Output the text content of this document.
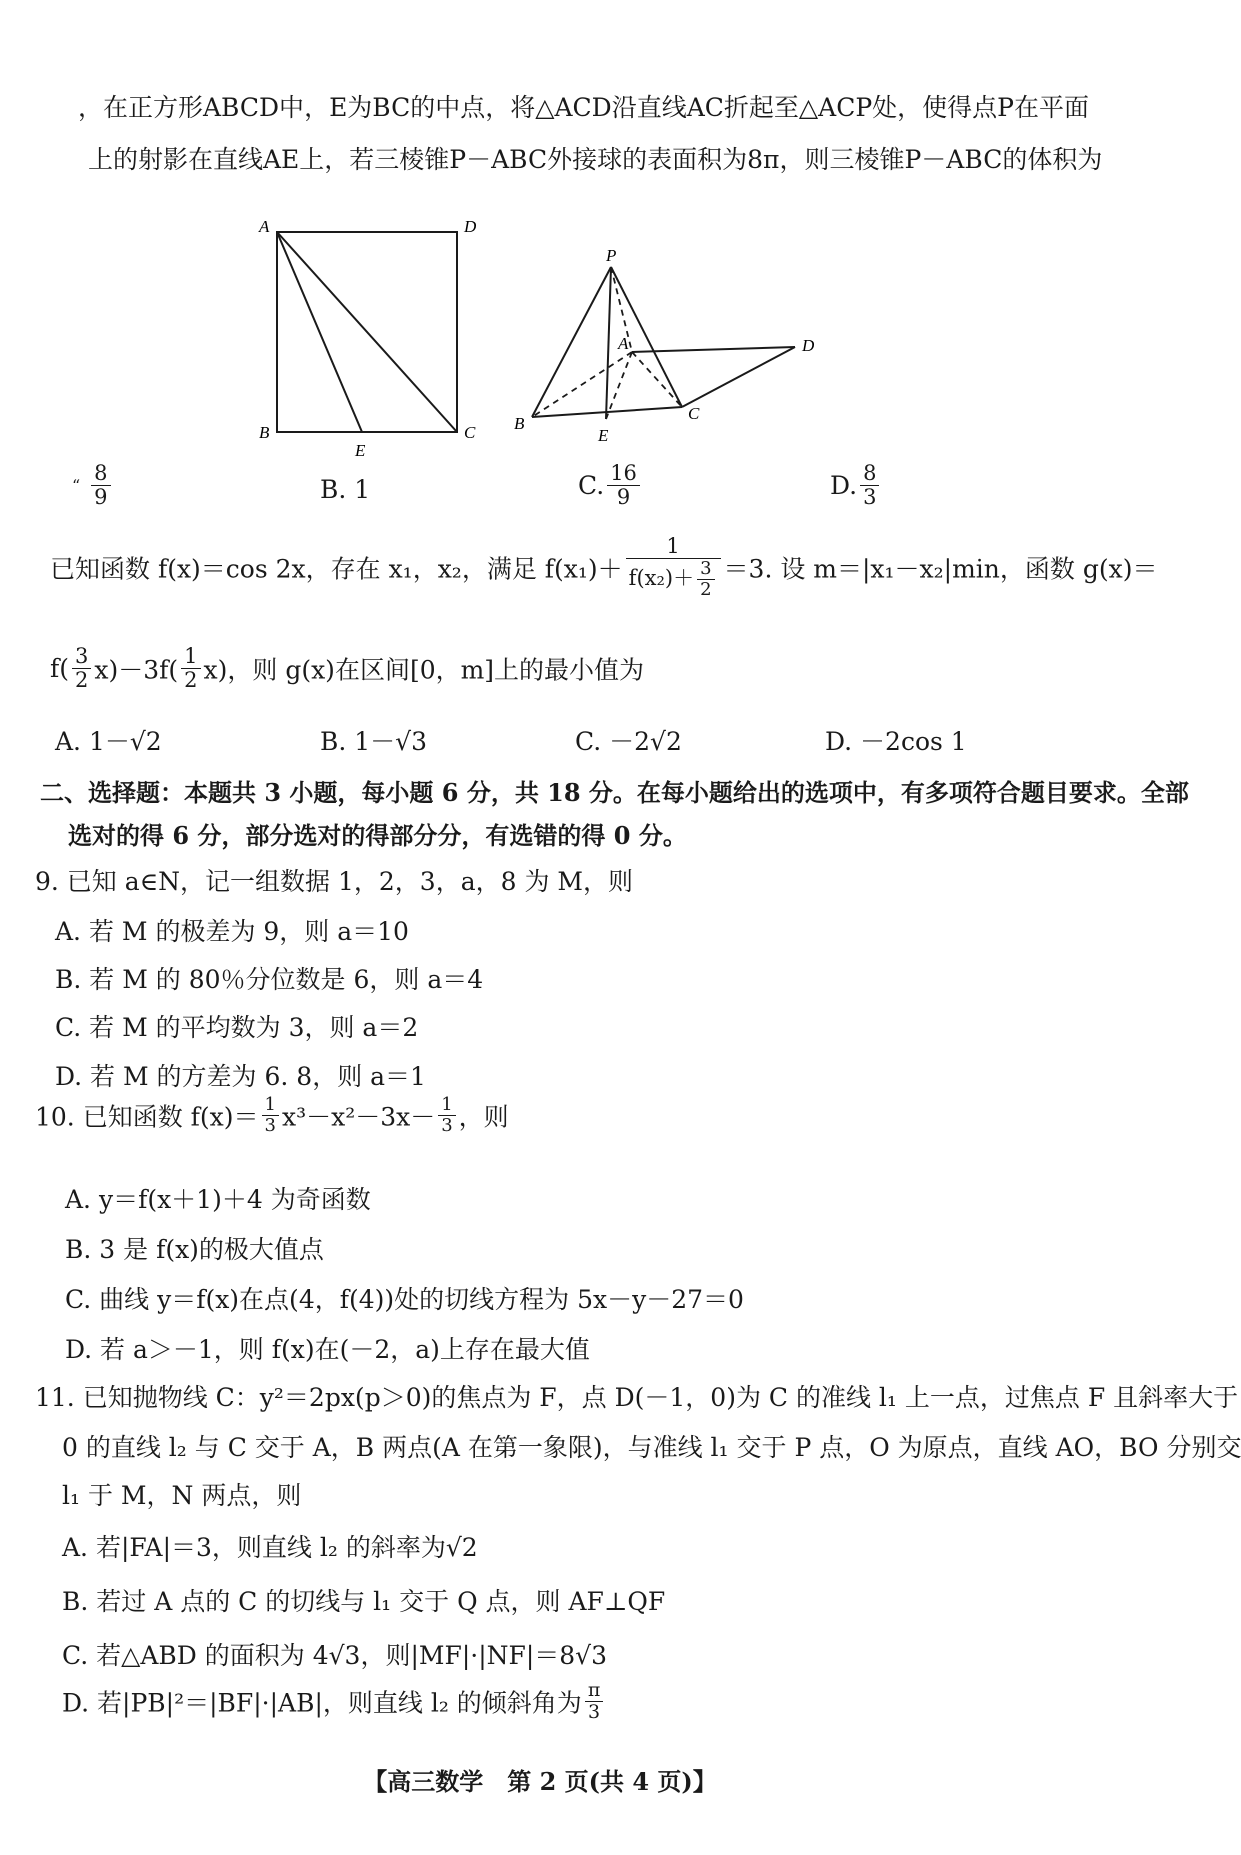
，在正方形ABCD中，E为BC的中点，将△ACD沿直线AC折起至△ACP处，使得点P在平面
上的射影在直线AE上，若三棱锥P－ABC外接球的表面积为8π，则三棱锥P－ABC的体积为
A	D
B	C
E
P
A	D
B
C
E
“ $\frac{8}{9}$	B. 1	C. $\frac{16}{9}$	D. $\frac{8}{3}$
已知函数 f(x)＝cos 2x，存在 x₁，x₂，满足 $f(x_1)+ \frac{1}{f(x_2)+ \frac{3}{2}} =3$. 设 m＝|x₁－x₂|min，函数 g(x)＝
$f( \frac{3}{2} x)-3f( \frac{1}{2} x)$，则 g(x)在区间[0，m]上的最小值为
A. 1－√2	B. 1－√3	C. －2√2	D. －2cos 1
二、选择题：本题共 3 小题，每小题 6 分，共 18 分。在每小题给出的选项中，有多项符合题目要求。全部
选对的得 6 分，部分选对的得部分分，有选错的得 0 分。
9. 已知 a∈N，记一组数据 1，2，3，a，8 为 M，则
A. 若 M 的极差为 9，则 a＝10
B. 若 M 的 80％分位数是 6，则 a＝4
C. 若 M 的平均数为 3，则 a＝2
D. 若 M 的方差为 6. 8，则 a＝1
10. 已知函数 $f(x)= \frac{1}{3} x^3-x^2-3x- \frac{1}{3}$ ，则
A. y＝f(x＋1)＋4 为奇函数
B. 3 是 f(x)的极大值点
C. 曲线 y＝f(x)在点(4，f(4))处的切线方程为 5x－y－27＝0
D. 若 a＞－1，则 f(x)在(－2，a)上存在最大值
11. 已知抛物线 C：y²＝2px(p＞0)的焦点为 F，点 D(－1，0)为 C 的准线 l₁ 上一点，过焦点 F 且斜率大于
0 的直线 l₂ 与 C 交于 A，B 两点(A 在第一象限)，与准线 l₁ 交于 P 点，O 为原点，直线 AO，BO 分别交
l₁ 于 M，N 两点，则
A. 若|FA|＝3，则直线 l₂ 的斜率为√2
B. 若过 A 点的 C 的切线与 l₁ 交于 Q 点，则 AF⊥QF
C. 若△ABD 的面积为 4√3，则|MF|·|NF|＝8√3
D. 若|PB|²＝|BF|·|AB|，则直线 l₂ 的倾斜角为 $\frac{\pi}{3}$
【高三数学　第 2 页(共 4 页)】
